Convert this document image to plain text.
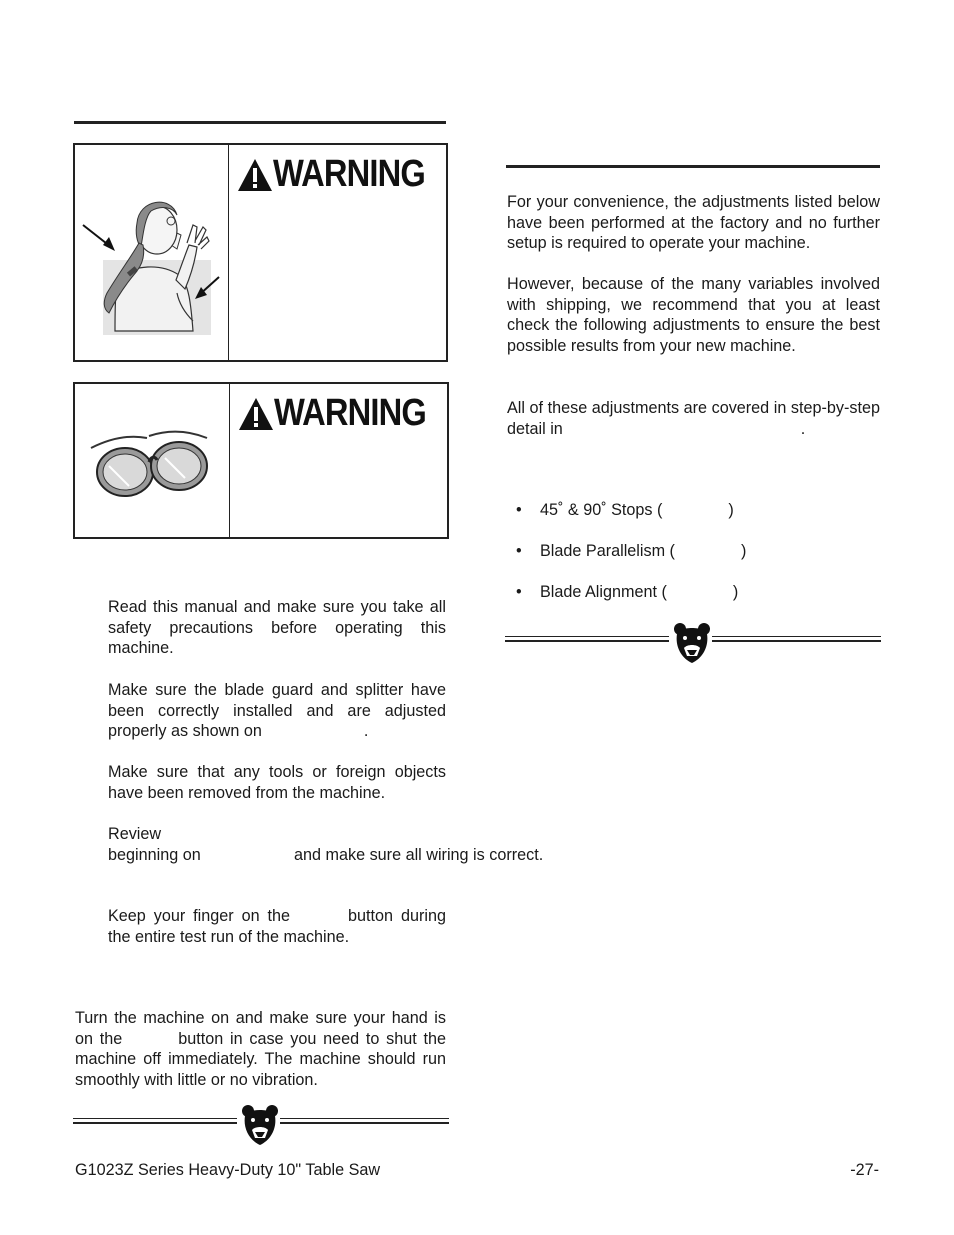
WARNING
WARNING

Read this manual and make sure you take all safety precautions before operating this machine.

Make sure the blade guard and splitter have been correctly installed and are adjusted properly as shown on	.

Make sure that any tools or foreign objects have been removed from the machine.

Review
beginning on	and make sure all wiring is correct.

Keep your finger on the	button during the entire test run of the machine.

Turn the machine on and make sure your hand is on the	button in case you need to shut the machine off immediately. The machine should run smoothly with little or no vibration.

For your convenience, the adjustments listed below have been performed at the factory and no further setup is required to operate your machine.

However, because of the many variables involved with shipping, we recommend that you at least check the following adjustments to ensure the best possible results from your new machine.

All of these adjustments are covered in step-by-step detail in	.

•	45˚ & 90˚ Stops (	)
•	Blade Parallelism (	)
•	Blade Alignment (	)
G1023Z Series Heavy-Duty 10" Table Saw	-27-
